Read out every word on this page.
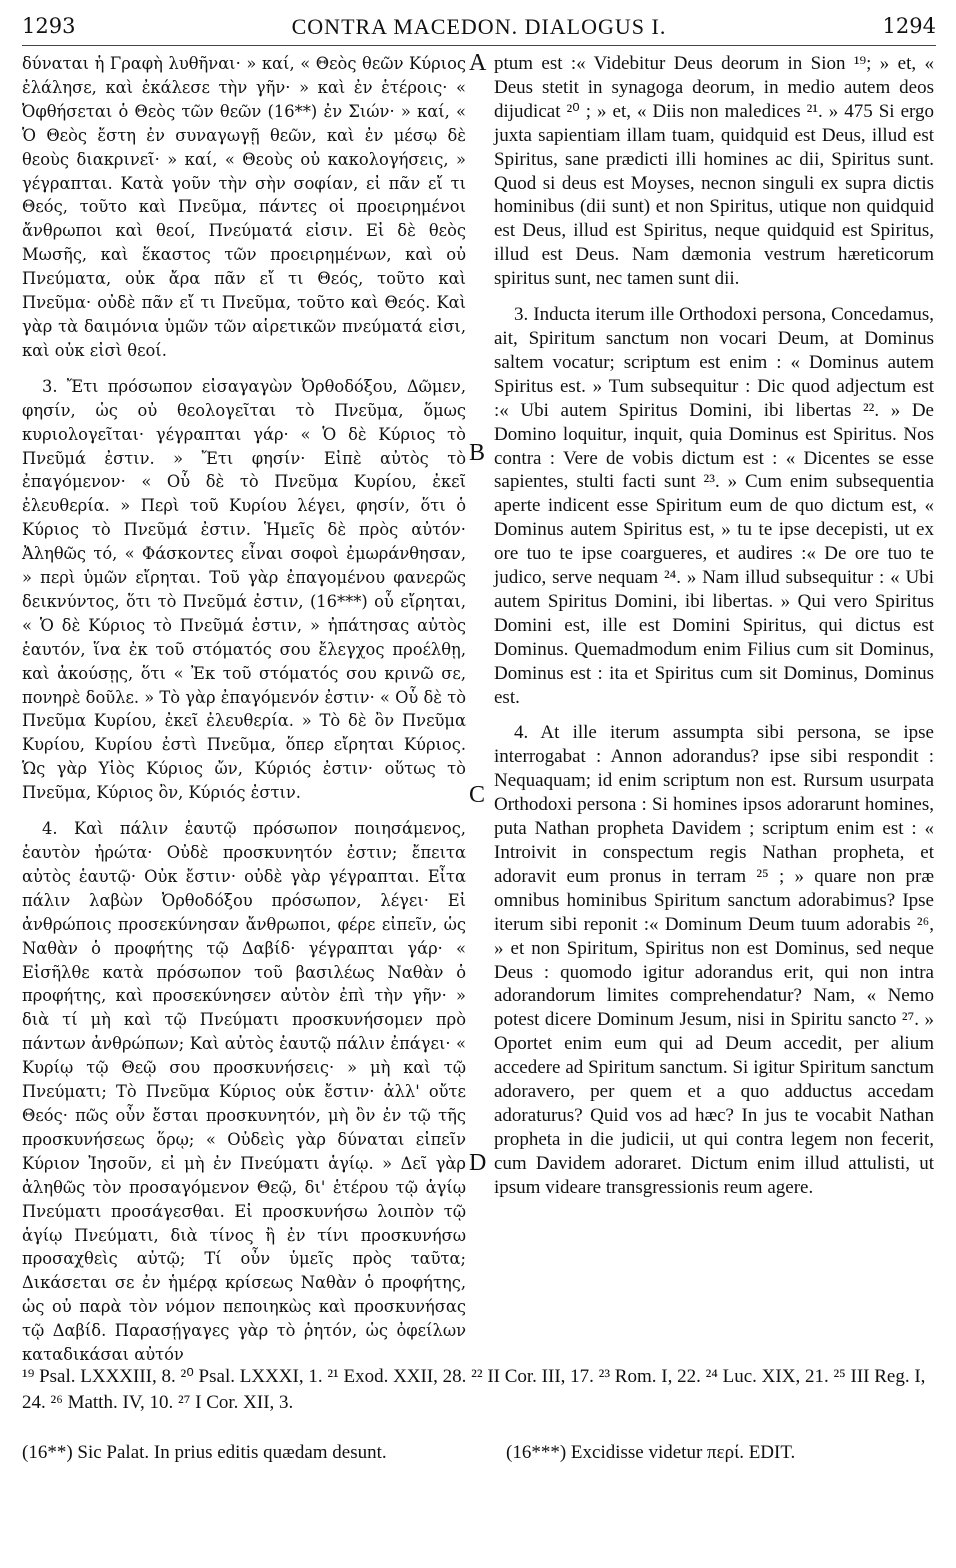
1293	CONTRA MACEDON. DIALOGUS I.	1294

δύναται ἡ Γραφὴ λυθῆναι· » καί, « Θεὸς θεῶν Κύριος ἐλάλησε, καὶ ἐκάλεσε τὴν γῆν· » καὶ ἐν ἑτέροις· « Ὀφθήσεται ὁ Θεὸς τῶν θεῶν (16**) ἐν Σιών· » καί, « Ὁ Θεὸς ἔστη ἐν συναγωγῇ θεῶν, καὶ ἐν μέσῳ δὲ θεοὺς διακρινεῖ· » καί, « Θεοὺς οὐ κακολογήσεις, » γέγραπται. Κατὰ γοῦν τὴν σὴν σοφίαν, εἰ πᾶν εἴ τι Θεός, τοῦτο καὶ Πνεῦμα, πάντες οἱ προειρημένοι ἄνθρωποι καὶ θεοί, Πνεύματά εἰσιν. Εἰ δὲ θεὸς Μωσῆς, καὶ ἕκαστος τῶν προειρημένων, καὶ οὐ Πνεύματα, οὐκ ἄρα πᾶν εἴ τι Θεός, τοῦτο καὶ Πνεῦμα· οὐδὲ πᾶν εἴ τι Πνεῦμα, τοῦτο καὶ Θεός. Καὶ γὰρ τὰ δαιμόνια ὑμῶν τῶν αἱρετικῶν πνεύματά εἰσι, καὶ οὐκ εἰσὶ θεοί.

3. Ἔτι πρόσωπον εἰσαγαγὼν Ὀρθοδόξου, Δῶμεν, φησίν, ὡς οὐ θεολογεῖται τὸ Πνεῦμα, ὅμως κυριολογεῖται· γέγραπται γάρ· « Ὁ δὲ Κύριος τὸ Πνεῦμά ἐστιν. » Ἔτι φησίν· Εἰπὲ αὐτὸς τὸ ἐπαγόμενον· « Οὗ δὲ τὸ Πνεῦμα Κυρίου, ἐκεῖ ἐλευθερία. » Περὶ τοῦ Κυρίου λέγει, φησίν, ὅτι ὁ Κύριος τὸ Πνεῦμά ἐστιν. Ἡμεῖς δὲ πρὸς αὐτόν· Ἀληθῶς τό, « Φάσκοντες εἶναι σοφοὶ ἐμωράνθησαν, » περὶ ὑμῶν εἴρηται. Τοῦ γὰρ ἐπαγομένου φανερῶς δεικνύντος, ὅτι τὸ Πνεῦμά ἐστιν, (16***) οὗ εἴρηται, « Ὁ δὲ Κύριος τὸ Πνεῦμά ἐστιν, » ἠπάτησας αὐτὸς ἑαυτόν, ἵνα ἐκ τοῦ στόματός σου ἔλεγχος προέλθῃ, καὶ ἀκούσῃς, ὅτι « Ἐκ τοῦ στόματός σου κρινῶ σε, πονηρὲ δοῦλε. » Τὸ γὰρ ἐπαγόμενόν ἐστιν· « Οὗ δὲ τὸ Πνεῦμα Κυρίου, ἐκεῖ ἐλευθερία. » Τὸ δὲ ὂν Πνεῦμα Κυρίου, Κυρίου ἐστὶ Πνεῦμα, ὅπερ εἴρηται Κύριος. Ὡς γὰρ Υἱὸς Κύριος ὤν, Κύριός ἐστιν· οὕτως τὸ Πνεῦμα, Κύριος ὂν, Κύριός ἐστιν.

4. Καὶ πάλιν ἑαυτῷ πρόσωπον ποιησάμενος, ἑαυτὸν ἠρώτα· Οὐδὲ προσκυνητόν ἐστιν; ἔπειτα αὐτὸς ἑαυτῷ· Οὐκ ἔστιν· οὐδὲ γὰρ γέγραπται. Εἶτα πάλιν λαβὼν Ὀρθοδόξου πρόσωπον, λέγει· Εἰ ἀνθρώποις προσεκύνησαν ἄνθρωποι, φέρε εἰπεῖν, ὡς Ναθὰν ὁ προφήτης τῷ Δαβίδ· γέγραπται γάρ· « Εἰσῆλθε κατὰ πρόσωπον τοῦ βασιλέως Ναθὰν ὁ προφήτης, καὶ προσεκύνησεν αὐτὸν ἐπὶ τὴν γῆν· » διὰ τί μὴ καὶ τῷ Πνεύματι προσκυνήσομεν πρὸ πάντων ἀνθρώπων; Καὶ αὐτὸς ἑαυτῷ πάλιν ἐπάγει· « Κυρίῳ τῷ Θεῷ σου προσκυνήσεις· » μὴ καὶ τῷ Πνεύματι; Τὸ Πνεῦμα Κύριος οὐκ ἔστιν· ἀλλ' οὔτε Θεός· πῶς οὖν ἔσται προσκυνητόν, μὴ ὂν ἐν τῷ τῆς προσκυνήσεως ὅρῳ; « Οὐδεὶς γὰρ δύναται εἰπεῖν Κύριον Ἰησοῦν, εἰ μὴ ἐν Πνεύματι ἁγίῳ. » Δεῖ γὰρ ἀληθῶς τὸν προσαγόμενον Θεῷ, δι' ἑτέρου τῷ ἁγίῳ Πνεύματι προσάγεσθαι. Εἰ προσκυνήσω λοιπὸν τῷ ἁγίῳ Πνεύματι, διὰ τίνος ἢ ἐν τίνι προσκυνήσω προσαχθεὶς αὐτῷ; Τί οὖν ὑμεῖς πρὸς ταῦτα; Δικάσεται σε ἐν ἡμέρᾳ κρίσεως Ναθὰν ὁ προφήτης, ὡς οὐ παρὰ τὸν νόμον πεποιηκὼς καὶ προσκυνήσας τῷ Δαβίδ. Παρασῄγαγες γὰρ τὸ ῥητόν, ὡς ὀφείλων καταδικάσαι αὐτόν

A
B
C
D

ptum est :« Videbitur Deus deorum in Sion ¹⁹; » et, « Deus stetit in synagoga deorum, in medio autem deos dijudicat ²⁰ ; » et, « Diis non maledices ²¹. » 475 Si ergo juxta sapientiam illam tuam, quidquid est Deus, illud est Spiritus, sane prædicti illi homines ac dii, Spiritus sunt. Quod si deus est Moyses, necnon singuli ex supra dictis hominibus (dii sunt) et non Spiritus, utique non quidquid est Deus, illud est Spiritus, neque quidquid est Spiritus, illud est Deus. Nam dæmonia vestrum hæreticorum spiritus sunt, nec tamen sunt dii.

3. Inducta iterum ille Orthodoxi persona, Concedamus, ait, Spiritum sanctum non vocari Deum, at Dominus saltem vocatur; scriptum est enim : « Dominus autem Spiritus est. » Tum subsequitur : Dic quod adjectum est :« Ubi autem Spiritus Domini, ibi libertas ²². » De Domino loquitur, inquit, quia Dominus est Spiritus. Nos contra : Vere de vobis dictum est : « Dicentes se esse sapientes, stulti facti sunt ²³. » Cum enim subsequentia aperte indicent esse Spiritum eum de quo dictum est, « Dominus autem Spiritus est, » tu te ipse decepisti, ut ex ore tuo te ipse coargueres, et audires :« De ore tuo te judico, serve nequam ²⁴. » Nam illud subsequitur : « Ubi autem Spiritus Domini, ibi libertas. » Qui vero Spiritus Domini est, ille est Domini Spiritus, qui dictus est Dominus. Quemadmodum enim Filius cum sit Dominus, Dominus est : ita et Spiritus cum sit Dominus, Dominus est.

4. At ille iterum assumpta sibi persona, se ipse interrogabat : Annon adorandus? ipse sibi respondit : Nequaquam; id enim scriptum non est. Rursum usurpata Orthodoxi persona : Si homines ipsos adorarunt homines, puta Nathan propheta Davidem ; scriptum enim est : « Introivit in conspectum regis Nathan propheta, et adoravit eum pronus in terram ²⁵ ; » quare non præ omnibus hominibus Spiritum sanctum adorabimus? Ipse iterum sibi reponit :« Dominum Deum tuum adorabis ²⁶, » et non Spiritum, Spiritus non est Dominus, sed neque Deus : quomodo igitur adorandus erit, qui non intra adorandorum limites comprehendatur? Nam, « Nemo potest dicere Dominum Jesum, nisi in Spiritu sancto ²⁷. » Oportet enim eum qui ad Deum accedit, per alium accedere ad Spiritum sanctum. Si igitur Spiritum sanctum adoravero, per quem et a quo adductus accedam adoraturus? Quid vos ad hæc? In jus te vocabit Nathan propheta in die judicii, ut qui contra legem non fecerit, cum Davidem adoraret. Dictum enim illud attulisti, ut ipsum videare transgressionis reum agere.

¹⁹ Psal. LXXXIII, 8. ²⁰ Psal. LXXXI, 1. ²¹ Exod. XXII, 28. ²² II Cor. III, 17. ²³ Rom. I, 22. ²⁴ Luc. XIX, 21. ²⁵ III Reg. I, 24. ²⁶ Matth. IV, 10. ²⁷ I Cor. XII, 3.
(16**) Sic Palat. In prius editis quædam desunt.	(16***) Excidisse videtur περί. EDIT.
